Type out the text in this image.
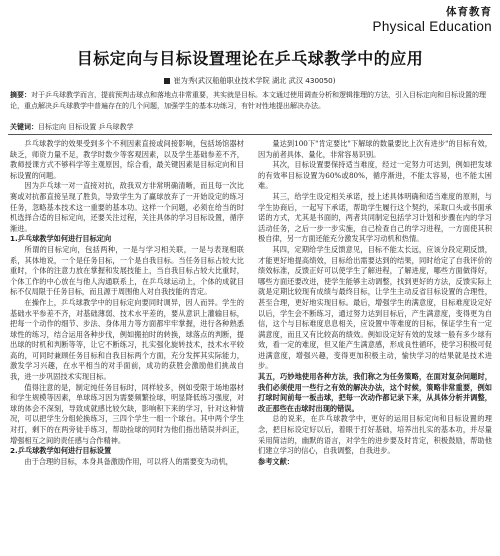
体育教育
Physical Education
目标定向与目标设置理论在乒乓球教学中的应用
崔为秀(武汉船舶职业技术学院 湖北 武汉 430050)
摘要：对于乒乓球教学而言，提前预判击球点和落地点非常重要，其实就是目标。本文通过使用调查分析和逻辑推理的方法，引入目标定向和目标设置的理论，重点解决乒乓球教学中普遍存在的几个问题，加强学生的基本功练习，有针对性地提出解决办法。
关键词：目标定向 目标设置 乒乓球教学

乒乓球教学的效果受到多个不利因素直接或间接影响，包括场馆器材缺乏，师资力量不足，教学时数少等客观因素，以及学生基础参差不齐，教师授课方式不够科学等主观原因，综合看，最关键因素是目标定向和目标设置的问题。

因为乒乓球一对一直接对抗，敌我双方非常明确清晰，而且每一次比赛或对抗都直接呈现了胜负，导致学生为了赢球放弃了一开始设定的练习任务，忽略基本技术这一重要的基本功。这样一个问题，必须在给当的时机选择合适的目标定向，还要关注过程，关注具体的学习目标设置，循序渐进。

1.乒乓球教学如何进行目标定向

所谓的目标定向，包括两种，一是与学习相关联，一是与表现相联系，其体地说，一个是任务目标，一个是自我目标。当任务目标占较大比重时，个体的注意力放在掌握和发展技能上，当自我目标占较大比重时，个体工作的中心放在与他人沟通联系上，在乒乓球运动上，个体的成就目标不仅局限于任务目标，而且源于周围他人对自我技能的肯定。

在操作上，乒乓球教学中的目标定向要同时调异，因人而异。学生的基础水平参差不齐，对基础薄弱、技术水平差的，要从意识上灌输目标，把每一个动作的细节、步法、身体用力等方面都牢牢掌握，进行各种熟悉球性的练习，结合运用各种步伐，例如搬拍时的转换，球落点的判断，提出球的时机和判断等等，让它不断练习，扎实强化旋转技术，技术水平较高的，可同时兼顾任务目标和自我目标两个方面，充分发挥其实际能力，激发学习兴趣，在水平相当的对手面前，成功的获胜会激励他们挑战自我，进一步巩固技术实现目标。

值得注意的是，制定纯任务目标时，同样较多，例如受限于场地器材和学生规模等因素，单球练习因为需要频繁捡球，明显降低练习强度，对球的体会不深刻，导致成就感比较欠缺，影响积下来的学习，针对这种情况，可以把学生分组轮换练习，三四个学生一组一个球台。其中两个学生对打，剩下的在两旁徒手练习，帮助捡球的同时为他们指出错误并纠正，增强相互之间的责任感与合作精神。

2.乒乓球教学如何进行目标设置

由于合理的目标，本身具备激励作用，可以将人的需要变为动机，

量达到100下"肯定要比"下解球的数量要比上次有进步"的目标有效，因为前者具体、量化，非常容易识别。

其次，目标设置要保持适当难度，经过一定努力可达到，例如把发球的有效率目标设置为60%或80%，循序渐进，不能太容易，也不能太困难。

其三，给学生设定相关承诺，授上述具体明确和适当难度的原则，与学生协商后，一起写下承诺，帮助学生履行这个契约，采取口头或书面承诺的方式，尤其是书面的，两者共同制定包括学习计划和步骤在内的学习活动任务，之后一步一步实施，自己检查自己的学习进程，一方面使其积极自律，另一方面还能充分激发其学习动机和热情。

其四，定期给学生反馈意见，目标不能太长远，应该分段定期反馈，才能更好地提高绩效，目标给出需要达到的结果，同时给定了自我评价的绩效标准，反馈正好可以使学生了解进程，了解进度，哪些方面做得好，哪些方面还要改进，使学生能够主动调整，找到更好的方法，反馈实际上就是定期比较现有成绩与最终目标，让学生主动反省目标设置的合理性，甚至合理，更好地实现目标。最后，增强学生的满意度，目标难度设定好以后，学生会不断练习，通过努力达到目标后，产生满意度，变得更为自信，这个与目标难度息息相关，应设置中等难度的目标，保证学生有一定满意度，而且又有比较高的绩效。例如设定好有效的发球一般有多少球有效，看一定的难度，但又能产生满意感，形成良性循环，使学习积极可促进满意度，增强兴趣，变得更加积极主动，愉快学习的结果就是技术进步。

其五，巧妙地使用各种方法，我们称之为任务策略，在面对复杂问题时，我们必须使用一些行之有效的解决办法，这个时候，策略非常重要，例如打球时间前每一板击球，把每一次动作都记录下来，从具体分析并调整，改正那些在击球时出现的错误。

总的说来，在乒乓球教学中，更好的运用目标定向和目标设置的理念，把目标设定好以后，着眼于打好基础，培养出扎实的基本功，并尽量采用简洁的，幽默的语言，对学生的进步要及时肯定，积极鼓励，帮助他们建立学习的信心，自我调整，自我进步。

参考文献：
